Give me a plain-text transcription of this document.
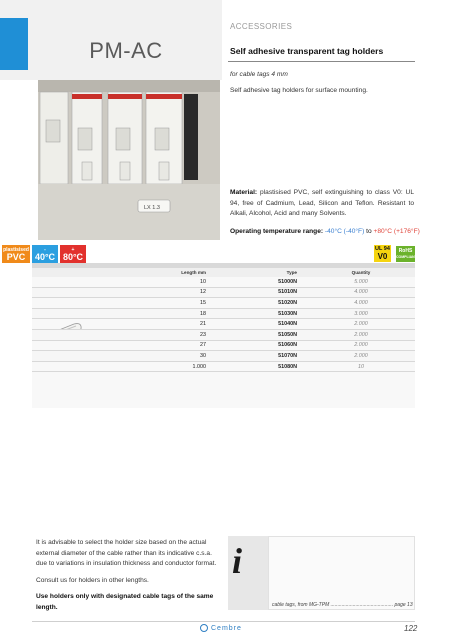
PM-AC
ACCESSORIES
Self adhesive transparent tag holders
for cable tags 4 mm
Self adhesive tag holders for surface mounting.
LX 1.3
Material: plastisised PVC, self extinguishing to class V0: UL 94, free of Cadmium, Lead, Silicon and Teflon. Resistant to Alkali, Alcohol, Acid and many Solvents.
Operating temperature range: -40°C (-40°F) to +80°C (+176°F)
plastisised
PVC
-
40°C
+
80°C
UL 94
V0
RoHS
COMPLIANT
Length mm	Type	Quantity
10	51000N	5.000
12	51010N	4.000
15	51020N	4.000
18	51030N	3.000
21	51040N	2.000
23	51050N	2.000
27	51060N	2.000
30	51070N	2.000
1.000	51080N	10

It is advisable to select the holder size based on the actual external diameter of the cable rather than its indicative c.s.a. due to variations in insulation thickness and conductor format.

Consult us for holders in other lengths.

Use holders only with designated cable tags of the same length.

i
cable tags, from MG-TPM ............................................. page 13
Cembre	122
